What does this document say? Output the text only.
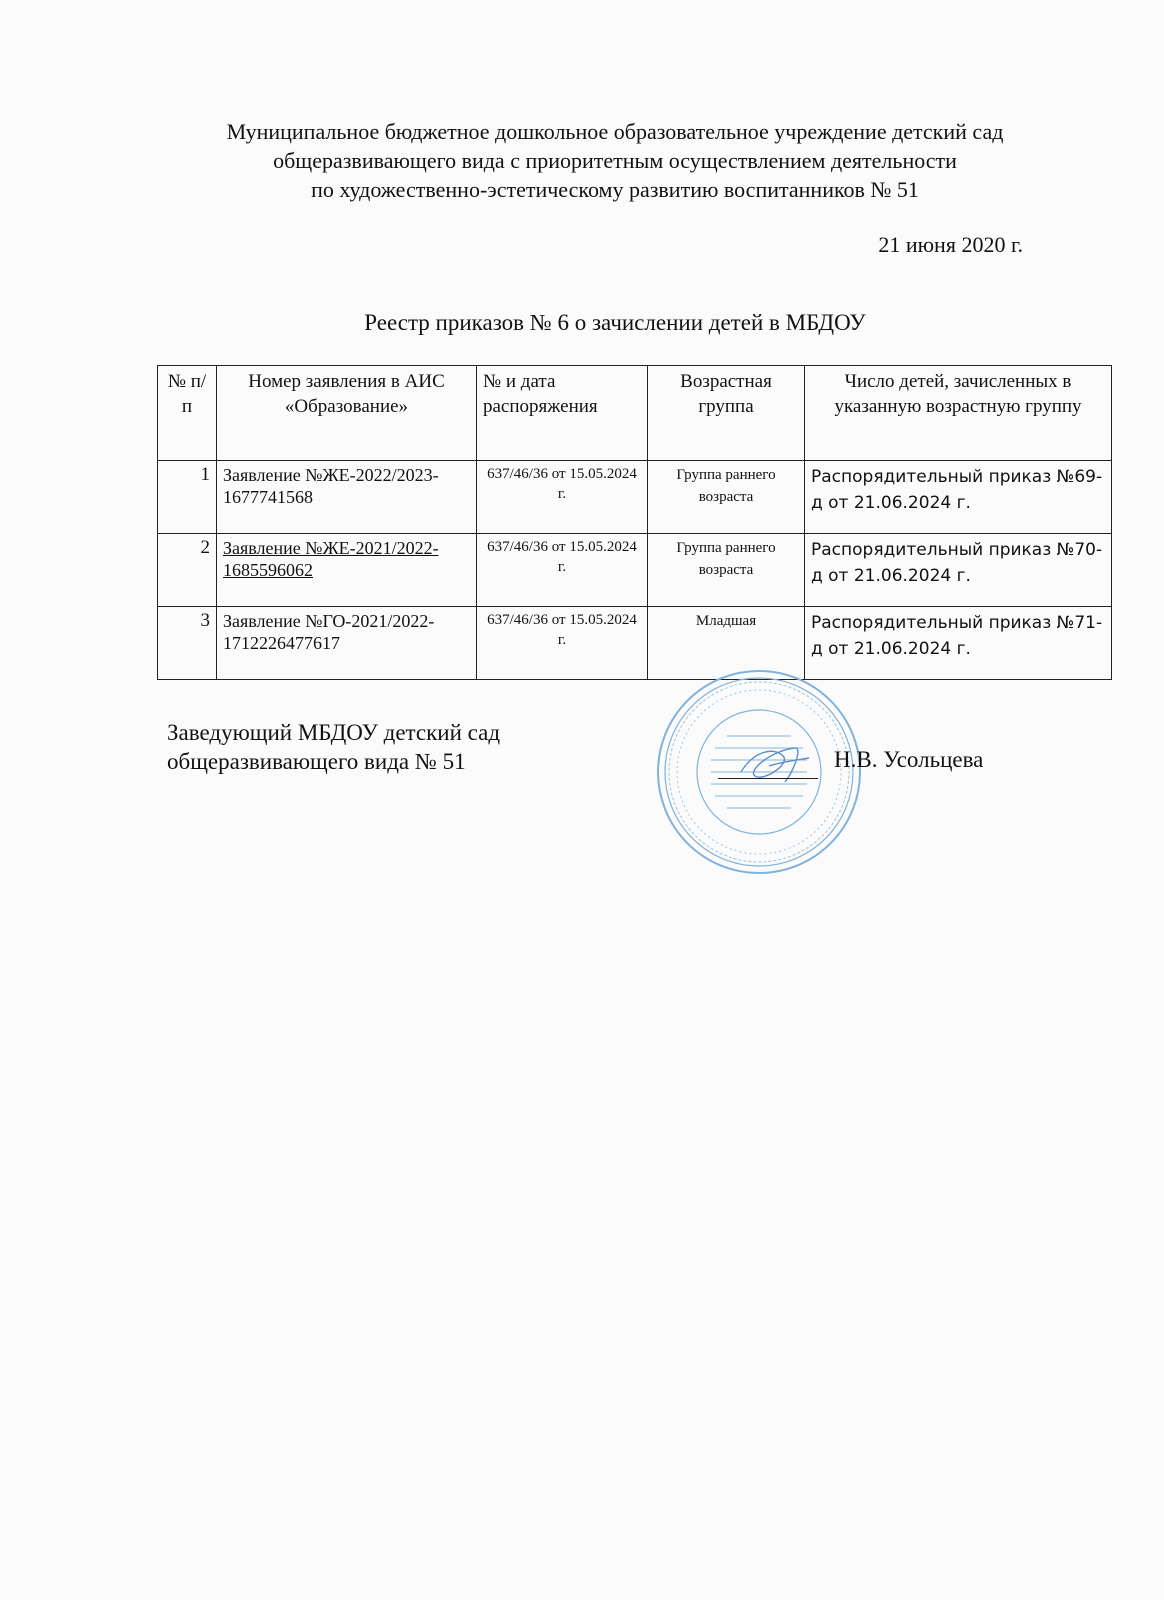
Муниципальное бюджетное дошкольное образовательное учреждение детский сад
общеразвивающего вида с приоритетным осуществлением деятельности
по художественно-эстетическому развитию воспитанников № 51
21 июня 2020 г.
Реестр приказов № 6 о зачислении детей в МБДОУ
№ п/п	Номер заявления в АИС «Образование»	№ и дата распоряжения	Возрастная группа	Число детей, зачисленных в указанную возрастную группу
1	Заявление №ЖЕ-2022/2023-1677741568	637/46/36 от 15.05.2024 г.	Группа раннего возраста	Распорядительный приказ №69-д от 21.06.2024 г.
2	Заявление №ЖЕ-2021/2022-1685596062	637/46/36 от 15.05.2024 г.	Группа раннего возраста	Распорядительный приказ №70-д от 21.06.2024 г.
3	Заявление №ГО-2021/2022-1712226477617	637/46/36 от 15.05.2024 г.	Младшая	Распорядительный приказ №71-д от 21.06.2024 г.
Заведующий МБДОУ детский сад
общеразвивающего вида № 51	Н.В. Усольцева
